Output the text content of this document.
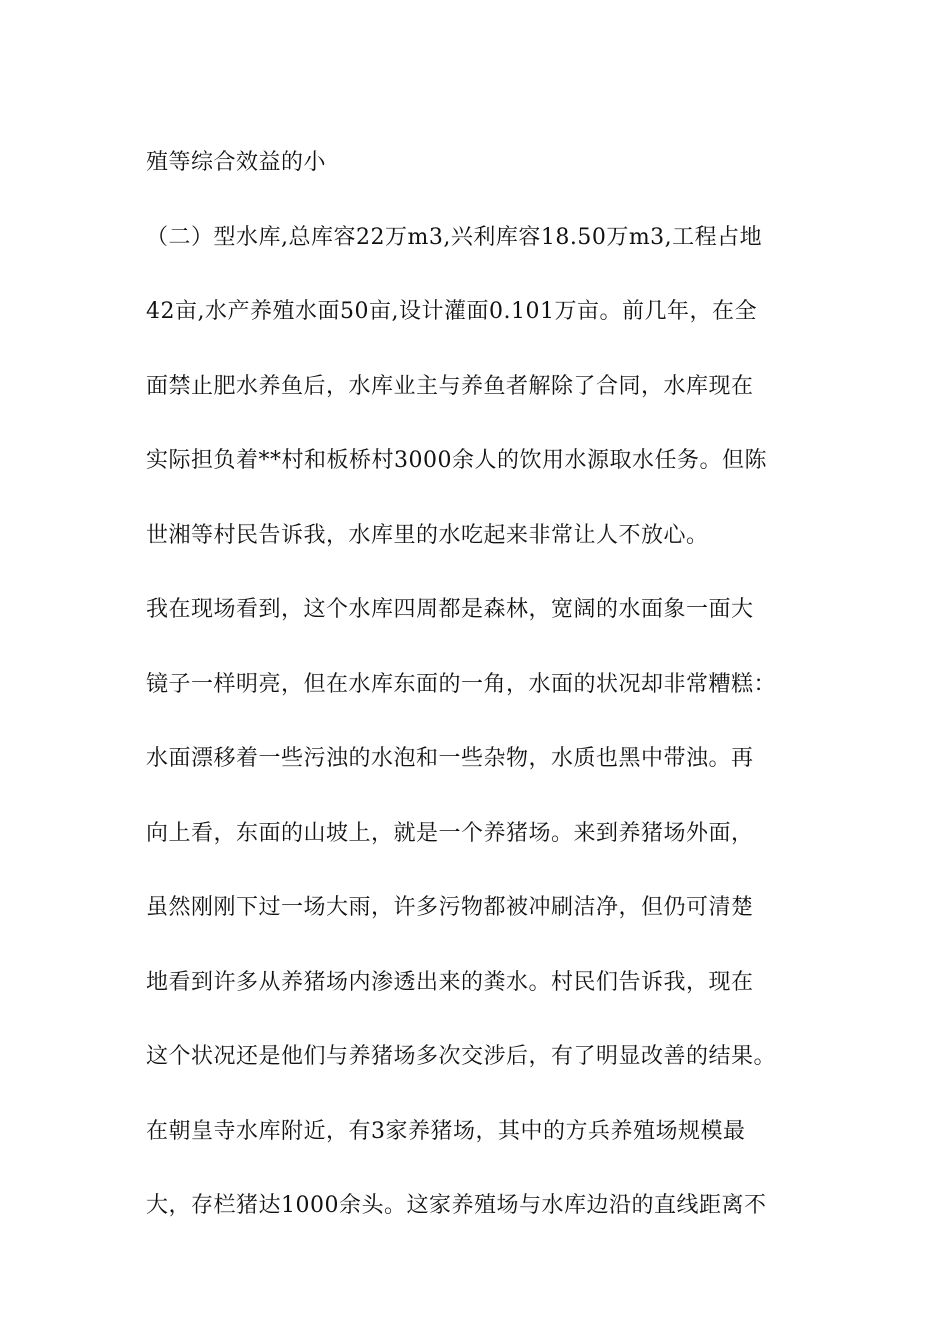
殖等综合效益的小
（二）型水库,总库容22万m3,兴利库容18.50万m3,工程占地
42亩,水产养殖水面50亩,设计灌面0.101万亩。前几年，在全
面禁止肥水养鱼后，水库业主与养鱼者解除了合同，水库现在
实际担负着**村和板桥村3000余人的饮用水源取水任务。但陈
世湘等村民告诉我，水库里的水吃起来非常让人不放心。
我在现场看到，这个水库四周都是森林，宽阔的水面象一面大
镜子一样明亮，但在水库东面的一角，水面的状况却非常糟糕：
水面漂移着一些污浊的水泡和一些杂物，水质也黑中带浊。再
向上看，东面的山坡上，就是一个养猪场。来到养猪场外面，
虽然刚刚下过一场大雨，许多污物都被冲刷洁净，但仍可清楚
地看到许多从养猪场内渗透出来的粪水。村民们告诉我，现在
这个状况还是他们与养猪场多次交涉后，有了明显改善的结果。
在朝皇寺水库附近，有3家养猪场，其中的方兵养殖场规模最
大，存栏猪达1000余头。这家养殖场与水库边沿的直线距离不
